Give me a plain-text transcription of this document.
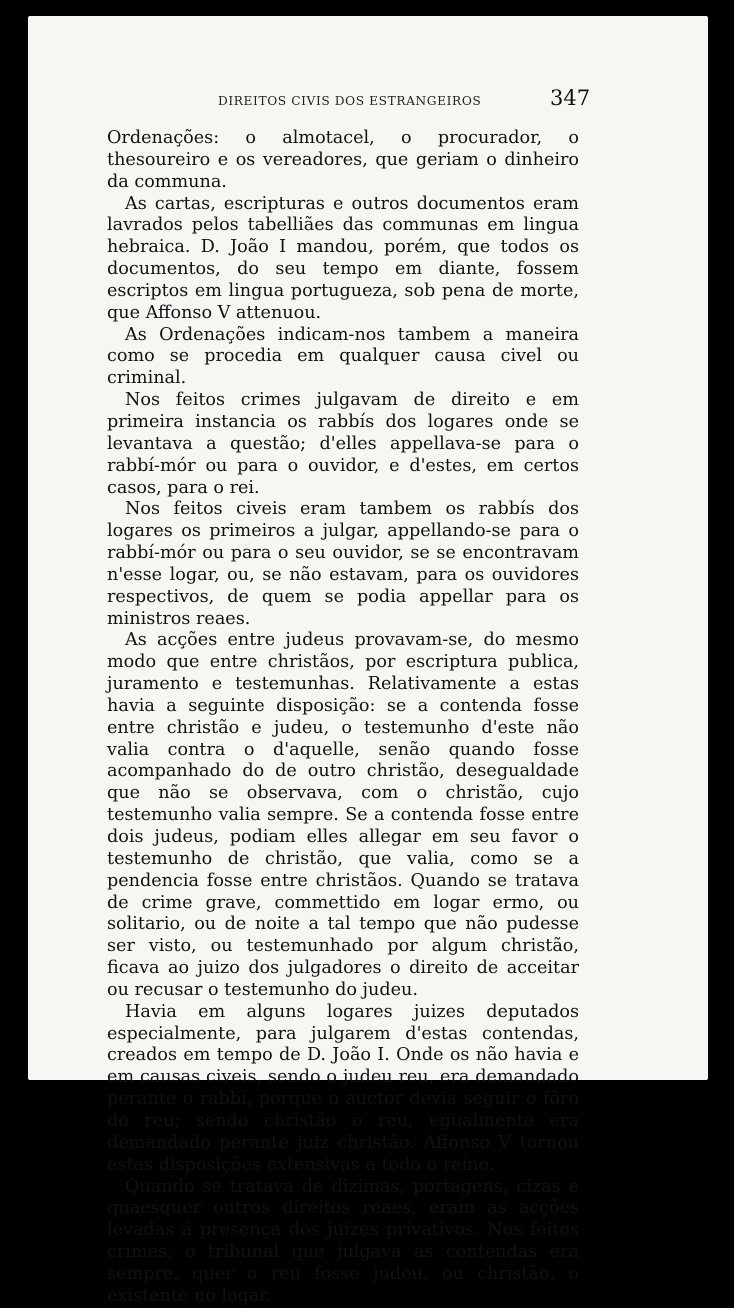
DIREITOS CIVIS DOS ESTRANGEIROS	347

Ordenações: o almotacel, o procurador, o thesoureiro e os vereadores, que geriam o dinheiro da communa.

As cartas, escripturas e outros documentos eram lavrados pelos tabelliães das communas em lingua hebraica. D. João I mandou, porém, que todos os documentos, do seu tempo em diante, fossem escriptos em lingua portugueza, sob pena de morte, que Affonso V attenuou.

As Ordenações indicam-nos tambem a maneira como se procedia em qualquer causa civel ou criminal.

Nos feitos crimes julgavam de direito e em primeira instancia os rabbís dos logares onde se levantava a questão; d'elles appellava-se para o rabbí-mór ou para o ouvidor, e d'estes, em certos casos, para o rei.

Nos feitos civeis eram tambem os rabbís dos logares os primeiros a julgar, appellando-se para o rabbí-mór ou para o seu ouvidor, se se encontravam n'esse logar, ou, se não estavam, para os ouvidores respectivos, de quem se podia appellar para os ministros reaes.

As acções entre judeus provavam-se, do mesmo modo que entre christãos, por escriptura publica, juramento e testemunhas. Relativamente a estas havia a seguinte disposição: se a contenda fosse entre christão e judeu, o testemunho d'este não valia contra o d'aquelle, senão quando fosse acompanhado do de outro christão, desegualdade que não se observava, com o christão, cujo testemunho valia sempre. Se a contenda fosse entre dois judeus, podiam elles allegar em seu favor o testemunho de christão, que valia, como se a pendencia fosse entre christãos. Quando se tratava de crime grave, commettido em logar ermo, ou solitario, ou de noite a tal tempo que não pudesse ser visto, ou testemunhado por algum christão, ficava ao juizo dos julgadores o direito de acceitar ou recusar o testemunho do judeu.

Havia em alguns logares juizes deputados especialmente, para julgarem d'estas contendas, creados em tempo de D. João I. Onde os não havia e em causas civeis, sendo o judeu reu, era demandado perante o rabbí, porque o auctor devia seguir o fôro do reu; sendo christão o reu, egualmente era demandado perante juiz christão. Affonso V tornou estas disposições extensivas a todo o reino.

Quando se tratava de dizimas, portagens, cizas e quaesquer outros direitos reaes, eram as acções levadas á presença dos juizes privativos. Nos feitos crimes, o tribunal que julgava as contendas era sempre, quer o reu fosse judeu, ou christão, o existente no logar.
